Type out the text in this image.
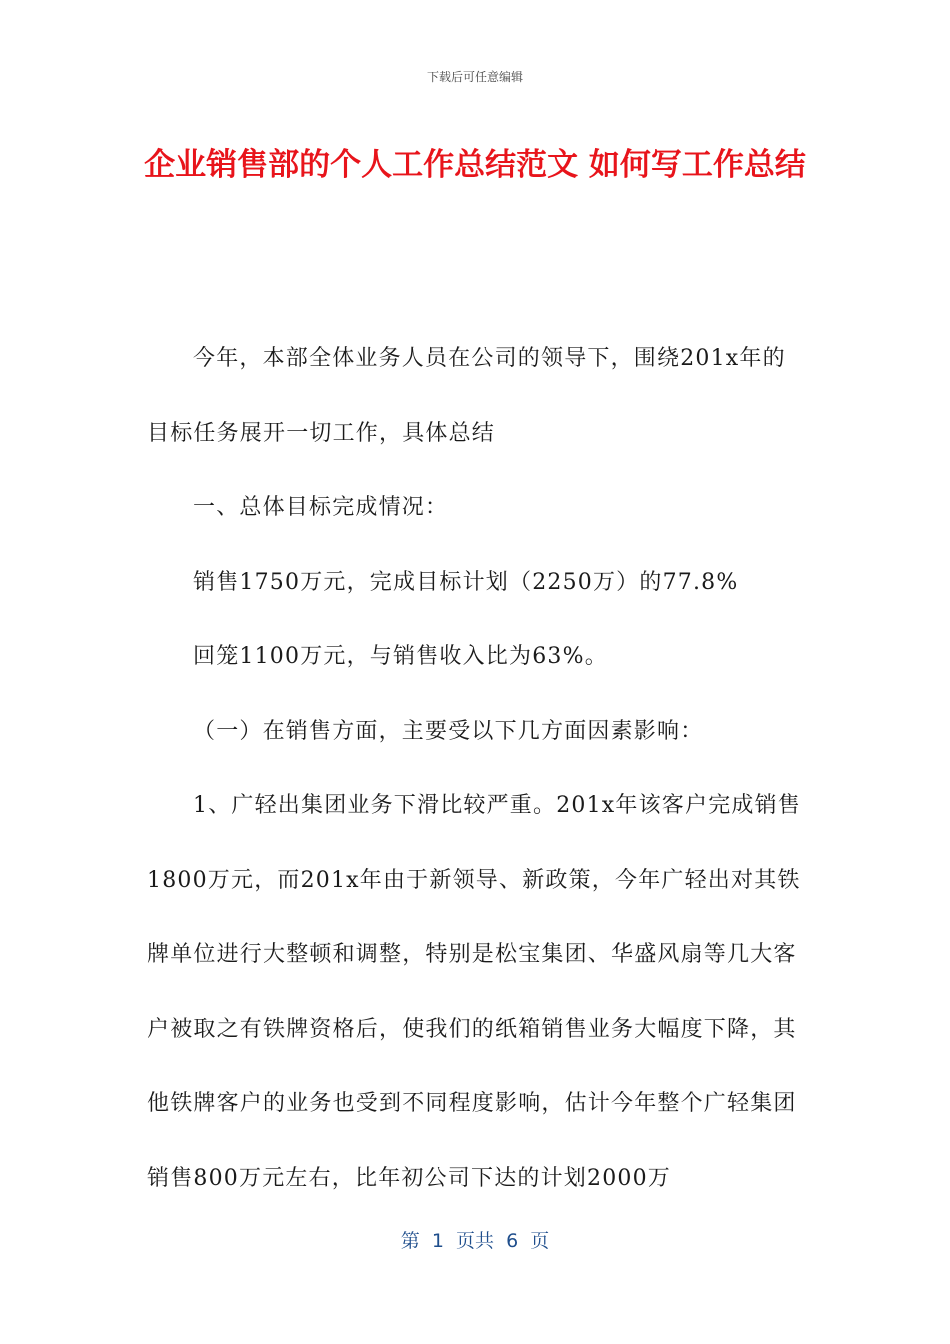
下载后可任意编辑
企业销售部的个人工作总结范文 如何写工作总结

今年，本部全体业务人员在公司的领导下，围绕201x年的目标任务展开一切工作，具体总结

一、总体目标完成情况：

销售1750万元，完成目标计划（2250万）的77.8%

回笼1100万元，与销售收入比为63%。

（一）在销售方面，主要受以下几方面因素影响：

1、广轻出集团业务下滑比较严重。201x年该客户完成销售1800万元，而201x年由于新领导、新政策，今年广轻出对其铁牌单位进行大整顿和调整，特别是松宝集团、华盛风扇等几大客户被取之有铁牌资格后，使我们的纸箱销售业务大幅度下降，其他铁牌客户的业务也受到不同程度影响，估计今年整个广轻集团销售800万元左右，比年初公司下达的计划2000万

第  1  页共  6  页
